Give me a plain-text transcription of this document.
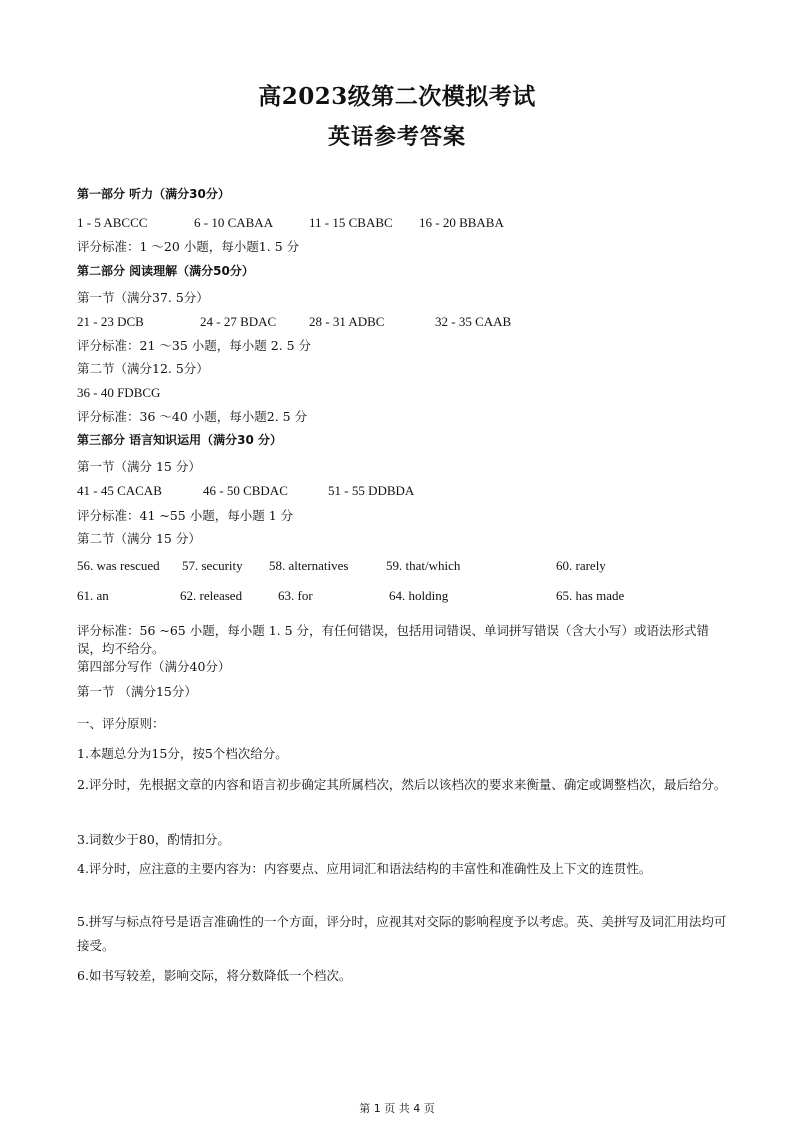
高2023级第二次模拟考试
英语参考答案
第一部分 听力（满分30分）
1 - 5 ABCCC	6 - 10 CABAA	11 - 15 CBABC 16 - 20 BBABA
评分标准：1 ～20 小题，每小题1. 5 分
第二部分 阅读理解（满分50分）
第一节（满分37. 5分）
21 - 23 DCB	24 - 27 BDAC	28 - 31 ADBC	32 - 35 CAAB
评分标准：21 ～35 小题，每小题 2. 5 分
第二节（满分12. 5分）
36 - 40 FDBCG
评分标准：36 ～40 小题，每小题2. 5 分
第三部分 语言知识运用（满分30 分）
第一节（满分 15 分）
41 - 45 CACAB	46 - 50 CBDAC	51 - 55 DDBDA
评分标准：41 ~55 小题，每小题 1 分
第二节（满分 15 分）
56. was rescued 57. security 58. alternatives	59. that/which	60. rarely
61. an	62. released	63. for	64. holding	65. has made
评分标准：56 ~65 小题，每小题 1. 5 分，有任何错误，包括用词错误、单词拼写错误（含大小写）或语法形式错误，均不给分。
第四部分写作（满分40分）
第一节 （满分15分）
一、评分原则：
1.本题总分为15分，按5个档次给分。
2.评分时，先根据文章的内容和语言初步确定其所属档次，然后以该档次的要求来衡量、确定或调整档次，最后给分。
3.词数少于80，酌情扣分。
4.评分时，应注意的主要内容为：内容要点、应用词汇和语法结构的丰富性和准确性及上下文的连贯性。
5.拼写与标点符号是语言准确性的一个方面，评分时，应视其对交际的影响程度予以考虑。英、美拼写及词汇用法均可接受。
6.如书写较差，影响交际，将分数降低一个档次。
第 1 页 共 4 页
